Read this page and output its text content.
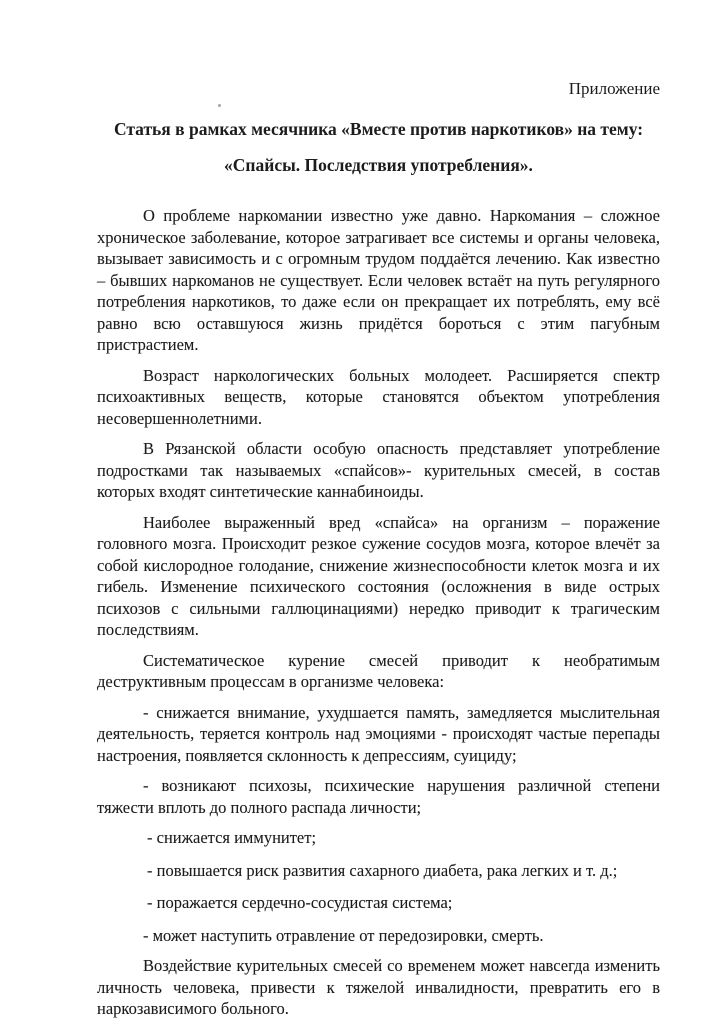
Приложение

Статья в рамках месячника «Вместе против наркотиков» на тему:
«Спайсы. Последствия употребления».

О проблеме наркомании известно уже давно. Наркомания – сложное хроническое заболевание, которое затрагивает все системы и органы человека, вызывает зависимость и с огромным трудом поддаётся лечению. Как известно – бывших наркоманов не существует. Если человек встаёт на путь регулярного потребления наркотиков, то даже если он прекращает их потреблять, ему всё равно всю оставшуюся жизнь придётся бороться с этим пагубным пристрастием.

Возраст наркологических больных молодеет. Расширяется спектр психоактивных веществ, которые становятся объектом употребления несовершеннолетними.

В Рязанской области особую опасность представляет употребление подростками так называемых «спайсов»- курительных смесей, в состав которых входят синтетические каннабиноиды.

Наиболее выраженный вред «спайса» на организм – поражение головного мозга. Происходит резкое сужение сосудов мозга, которое влечёт за собой кислородное голодание, снижение жизнеспособности клеток мозга и их гибель. Изменение психического состояния (осложнения в виде острых психозов с сильными галлюцинациями) нередко приводит к трагическим последствиям.

Систематическое курение смесей приводит к необратимым деструктивным процессам в организме человека:

- снижается внимание, ухудшается память, замедляется мыслительная деятельность, теряется контроль над эмоциями - происходят частые перепады настроения, появляется склонность к депрессиям, суициду;

- возникают психозы, психические нарушения различной степени тяжести вплоть до полного распада личности;

- снижается иммунитет;

- повышается риск развития сахарного диабета, рака легких и т. д.;

- поражается сердечно-сосудистая система;

- может наступить отравление от передозировки, смерть.

Воздействие курительных смесей со временем может навсегда изменить личность человека, привести к тяжелой инвалидности, превратить его в наркозависимого больного.
